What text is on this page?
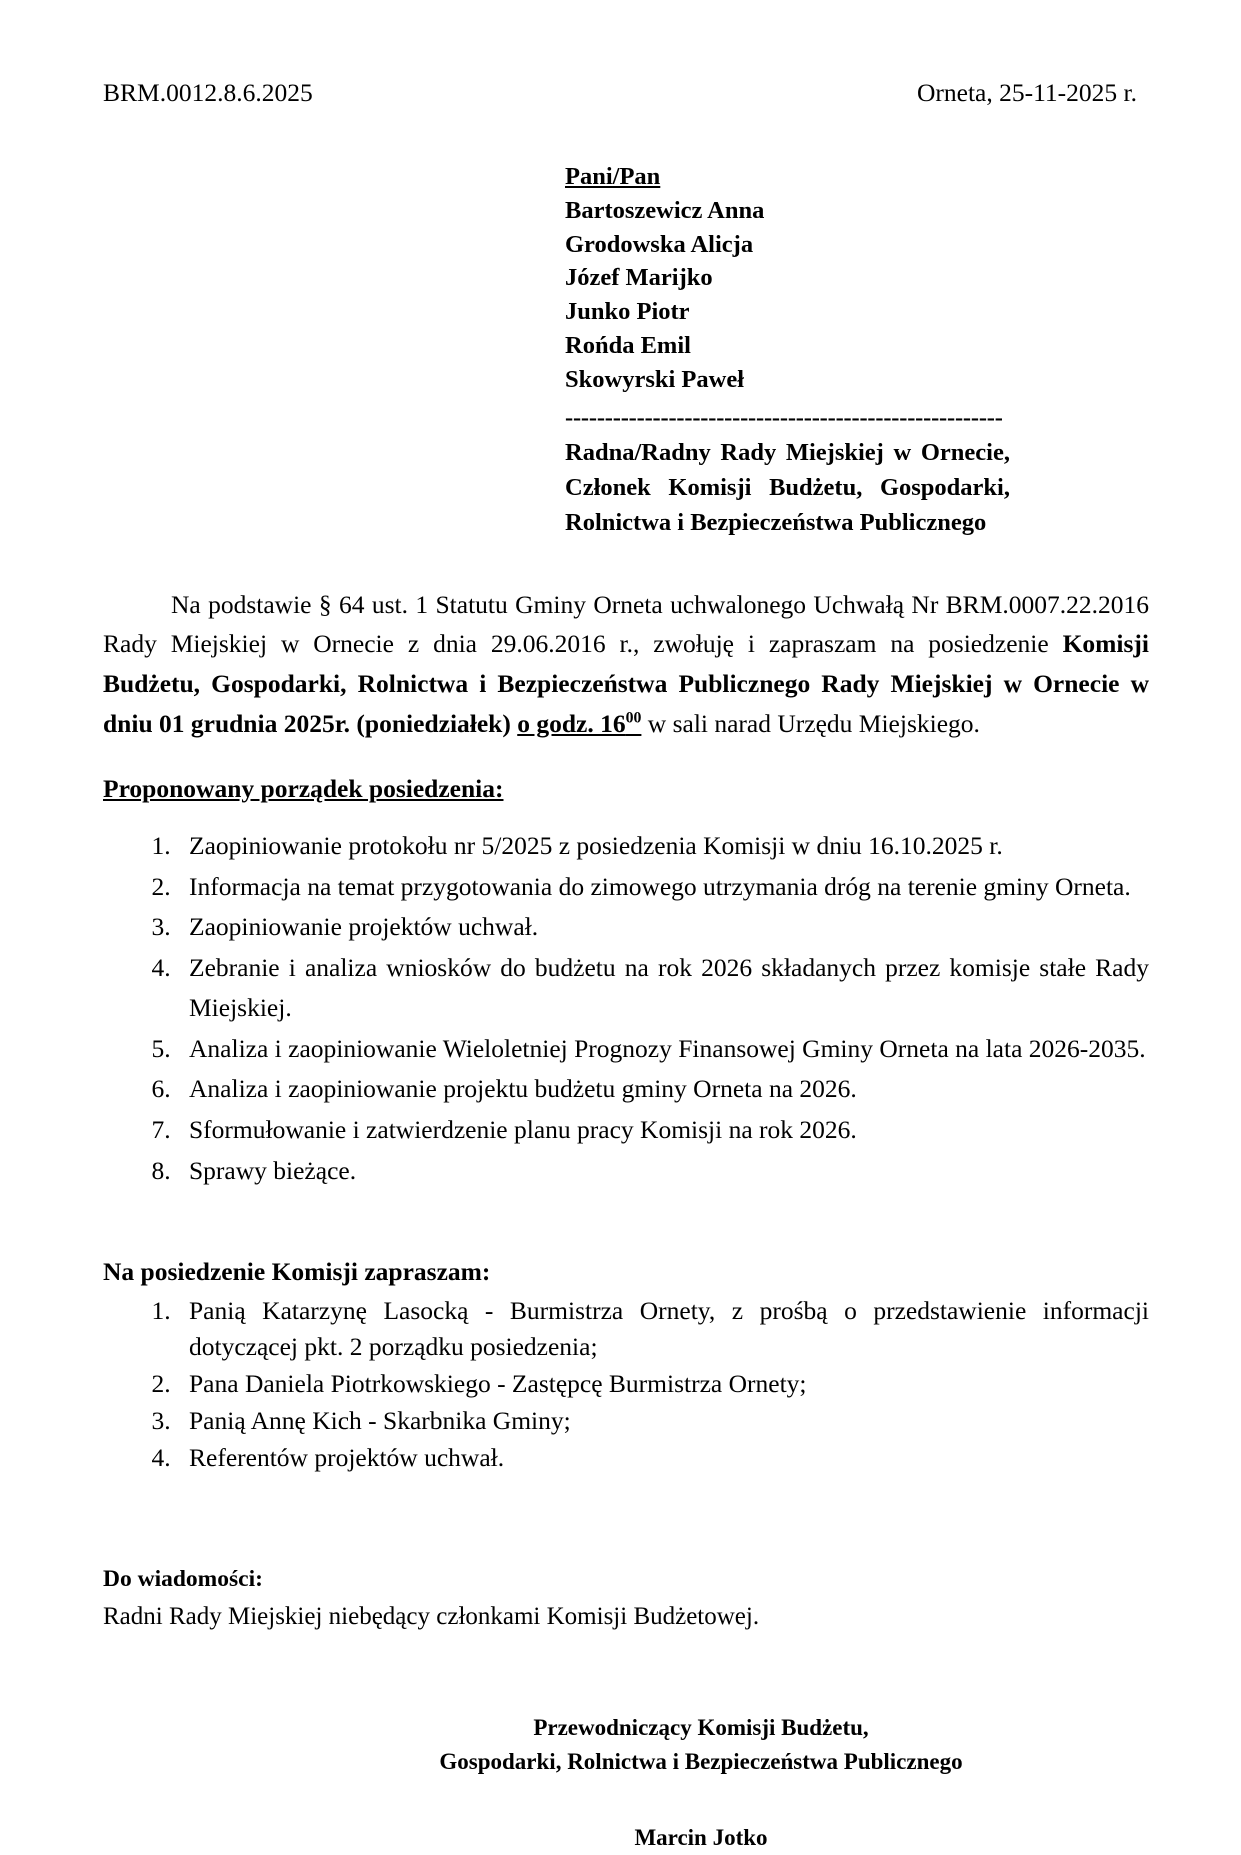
BRM.0012.8.6.2025	Orneta, 25-11-2025 r.
Pani/Pan
Bartoszewicz Anna
Grodowska Alicja
Józef Marijko
Junko Piotr
Rońda Emil
Skowyrski Paweł
-------------------------------------------------------
Radna/Radny Rady Miejskiej w Ornecie, Członek Komisji Budżetu, Gospodarki, Rolnictwa i Bezpieczeństwa Publicznego

Na podstawie § 64 ust. 1 Statutu Gminy Orneta uchwalonego Uchwałą Nr BRM.0007.22.2016 Rady Miejskiej w Ornecie z dnia 29.06.2016 r., zwołuję i zapraszam na posiedzenie Komisji Budżetu, Gospodarki, Rolnictwa i Bezpieczeństwa Publicznego Rady Miejskiej w Ornecie w dniu 01 grudnia 2025r. (poniedziałek) o godz. $16^{00}$ w sali narad Urzędu Miejskiego.

Proponowany porządek posiedzenia:
1. Zaopiniowanie protokołu nr 5/2025 z posiedzenia Komisji w dniu 16.10.2025 r.
2. Informacja na temat przygotowania do zimowego utrzymania dróg na terenie gminy Orneta.
3. Zaopiniowanie projektów uchwał.
4. Zebranie i analiza wniosków do budżetu na rok 2026 składanych przez komisje stałe Rady Miejskiej.
5. Analiza i zaopiniowanie Wieloletniej Prognozy Finansowej Gminy Orneta na lata 2026-2035.
6. Analiza i zaopiniowanie projektu budżetu gminy Orneta na 2026.
7. Sformułowanie i zatwierdzenie planu pracy Komisji na rok 2026.
8. Sprawy bieżące.
Na posiedzenie Komisji zapraszam:
1. Panią Katarzynę Lasocką - Burmistrza Ornety, z prośbą o przedstawienie informacji dotyczącej pkt. 2 porządku posiedzenia;
2. Pana Daniela Piotrkowskiego - Zastępcę Burmistrza Ornety;
3. Panią Annę Kich - Skarbnika Gminy;
4. Referentów projektów uchwał.
Do wiadomości:
Radni Rady Miejskiej niebędący członkami Komisji Budżetowej.
Przewodniczący Komisji Budżetu,
Gospodarki, Rolnictwa i Bezpieczeństwa Publicznego
Marcin Jotko
